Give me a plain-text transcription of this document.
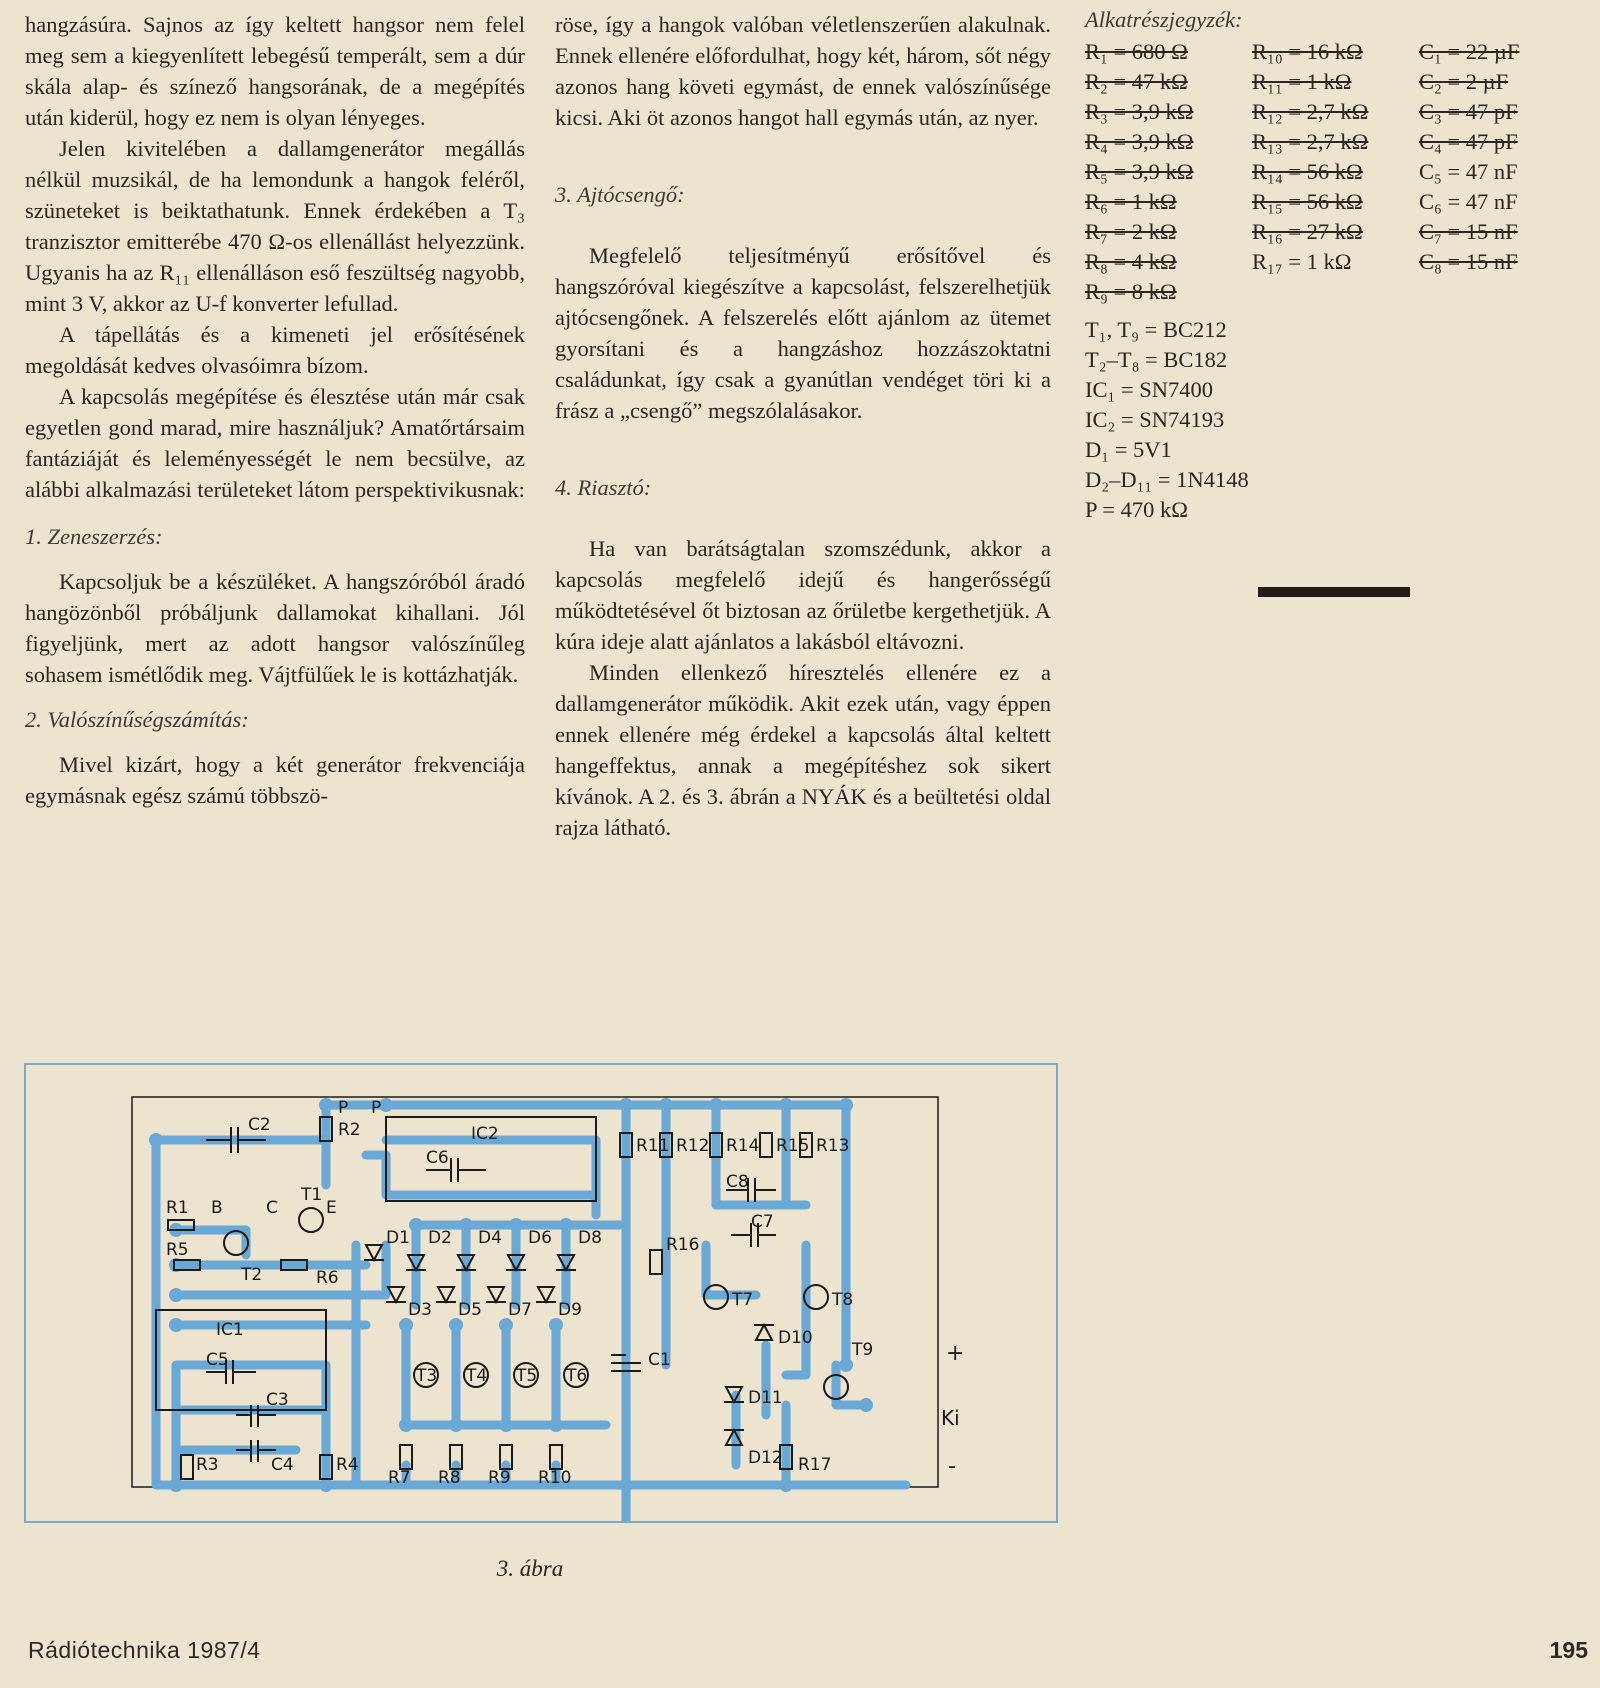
hangzásúra. Sajnos az így keltett hangsor nem felel meg sem a kiegyenlített lebegésű temperált, sem a dúr skála alap- és színező hangsorának, de a megépítés után kiderül, hogy ez nem is olyan lényeges.

Jelen kivitelében a dallamgenerátor megállás nélkül muzsikál, de ha lemondunk a hangok feléről, szüneteket is beiktathatunk. Ennek érdekében a T₃ tranzisztor emitterébe 470 Ω-os ellenállást helyezzünk. Ugyanis ha az R₁₁ ellenálláson eső feszültség nagyobb, mint 3 V, akkor az U-f konverter lefullad.

A tápellátás és a kimeneti jel erősítésének megoldását kedves olvasóimra bízom.

A kapcsolás megépítése és élesztése után már csak egyetlen gond marad, mire használjuk? Amatőrtársaim fantáziáját és leleményességét le nem becsülve, az alábbi alkalmazási területeket látom perspektivikusnak:

1. Zeneszerzés:

Kapcsoljuk be a készüléket. A hangszóróból áradó hangözönből próbáljunk dallamokat kihallani. Jól figyeljünk, mert az adott hangsor valószínűleg sohasem ismétlődik meg. Vájtfülűek le is kottázhatják.

2. Valószínűségszámítás:

Mivel kizárt, hogy a két generátor frekvenciája egymásnak egész számú többszö-

röse, így a hangok valóban véletlenszerűen alakulnak. Ennek ellenére előfordulhat, hogy két, három, sőt négy azonos hang követi egymást, de ennek valószínűsége kicsi. Aki öt azonos hangot hall egymás után, az nyer.

3. Ajtócsengő:

Megfelelő teljesítményű erősítővel és hangszóróval kiegészítve a kapcsolást, felszerelhetjük ajtócsengőnek. A felszerelés előtt ajánlom az ütemet gyorsítani és a hangzáshoz hozzászoktatni családunkat, így csak a gyanútlan vendéget töri ki a frász a „csengő” megszólalásakor.

4. Riasztó:

Ha van barátságtalan szomszédunk, akkor a kapcsolás megfelelő idejű és hangerősségű működtetésével őt biztosan az őrületbe kergethetjük. A kúra ideje alatt ajánlatos a lakásból eltávozni.

Minden ellenkező híresztelés ellenére ez a dallamgenerátor működik. Akit ezek után, vagy éppen ennek ellenére még érdekel a kapcsolás által keltett hangeffektus, annak a megépítéshez sok sikert kívánok. A 2. és 3. ábrán a NYÁK és a beültetési oldal rajza látható.

Alkatrészjegyzék:
R₁ = 680 Ω	R₁₀ = 16 kΩ	C₁ = 22 µF
R₂ = 47 kΩ	R₁₁ = 1 kΩ	C₂ = 2 µF
R₃ = 3,9 kΩ	R₁₂ = 2,7 kΩ	C₃ = 47 pF
R₄ = 3,9 kΩ	R₁₃ = 2,7 kΩ	C₄ = 47 pF
R₅ = 3,9 kΩ	R₁₄ = 56 kΩ	C₅ = 47 nF
R₆ = 1 kΩ	R₁₅ = 56 kΩ	C₆ = 47 nF
R₇ = 2 kΩ	R₁₆ = 27 kΩ	C₇ = 15 nF
R₈ = 4 kΩ	R₁₇ = 1 kΩ	C₈ = 15 nF
R₉ = 8 kΩ
T₁, T₉ = BC212
T₂–T₈ = BC182
IC₁ = SN7400
IC₂ = SN74193
D₁ = 5V1
D₂–D₁₁ = 1N4148
P = 470 kΩ
C2	R2
P P
IC2
C6
R11 R12 R14 R15 R13
R1
T1
R5
T2	R6
B	C	E
C8
C7
R16
T7	T8
D1 D2 D4 D6 D8
D3 D5 D7 D9
D10
D11
D12
IC1
C5
C3
C4
R3	R4
T3 T4 T5 T6
C1	T9
R7 R8 R9 R10
R17
+
Ki
-
3. ábra
Rádiótechnika 1987/4	195
